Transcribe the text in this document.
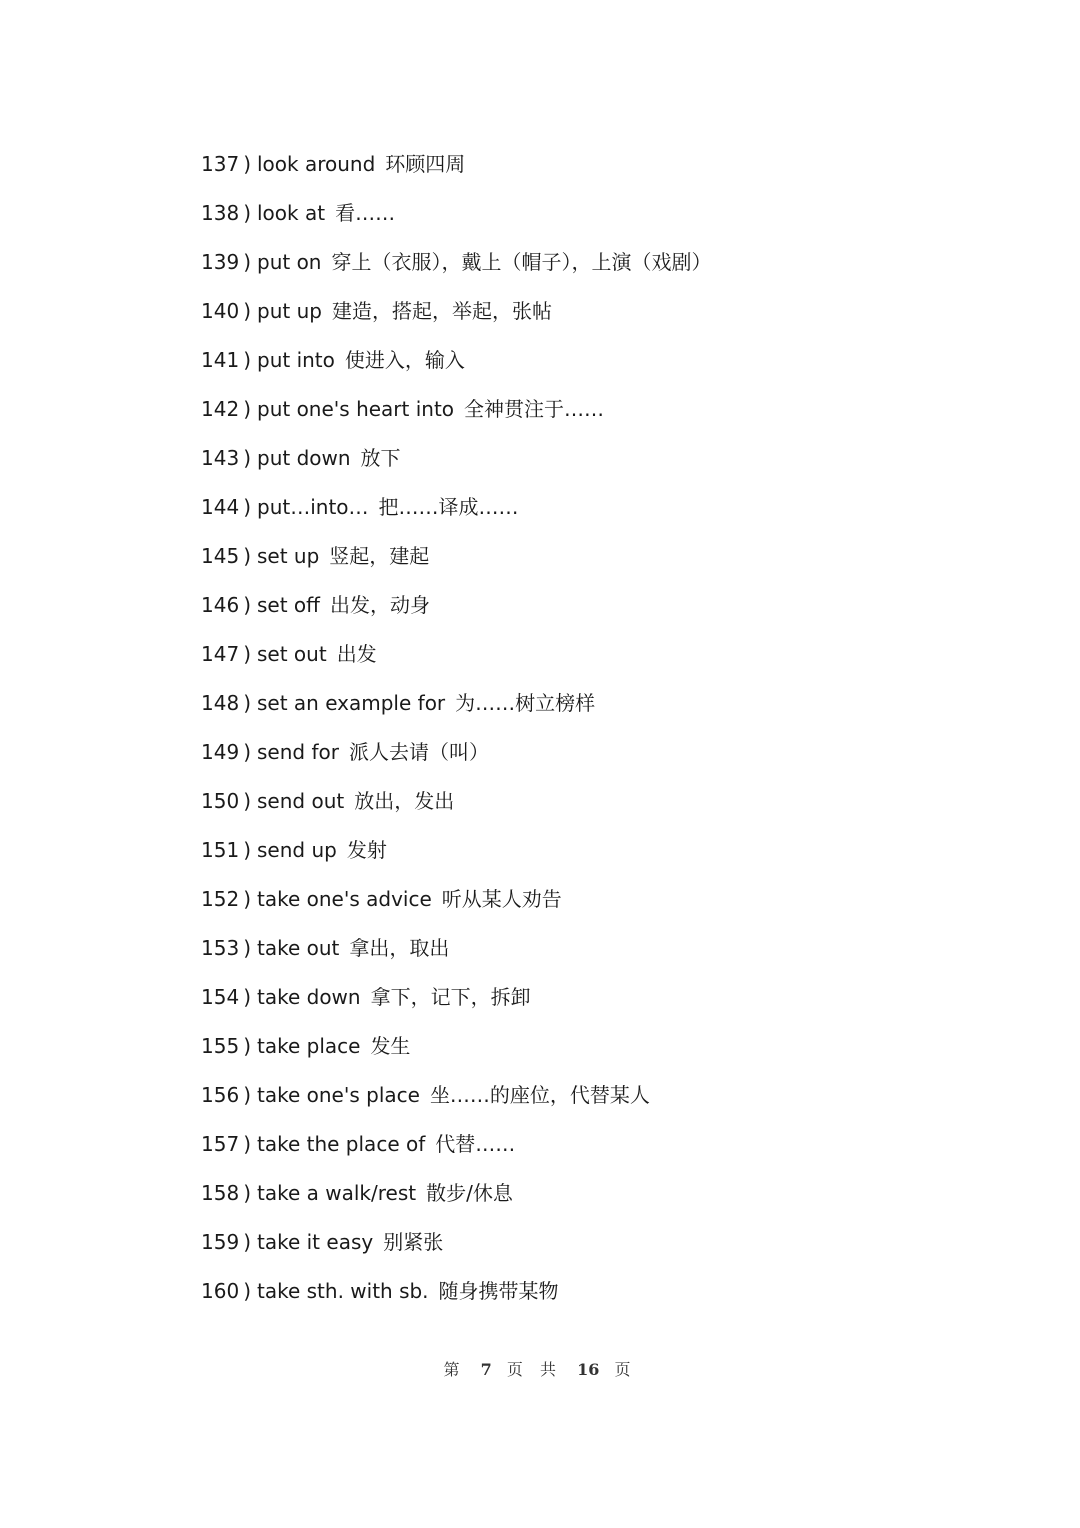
137 ) look around 环顾四周
138 ) look at 看……
139 ) put on 穿上（衣服），戴上（帽子），上演（戏剧）
140 ) put up 建造，搭起，举起，张帖
141 ) put into 使进入，输入
142 ) put one's heart into 全神贯注于……
143 ) put down 放下
144 ) put…into… 把……译成……
145 ) set up 竖起，建起
146 ) set off 出发，动身
147 ) set out 出发
148 ) set an example for 为……树立榜样
149 ) send for 派人去请（叫）
150 ) send out 放出，发出
151 ) send up 发射
152 ) take one's advice 听从某人劝告
153 ) take out 拿出，取出
154 ) take down 拿下，记下，拆卸
155 ) take place 发生
156 ) take one's place 坐……的座位，代替某人
157 ) take the place of 代替……
158 ) take a walk/rest 散步/休息
159 ) take it easy 别紧张
160 ) take sth. with sb. 随身携带某物
第 7 页 共 16 页
